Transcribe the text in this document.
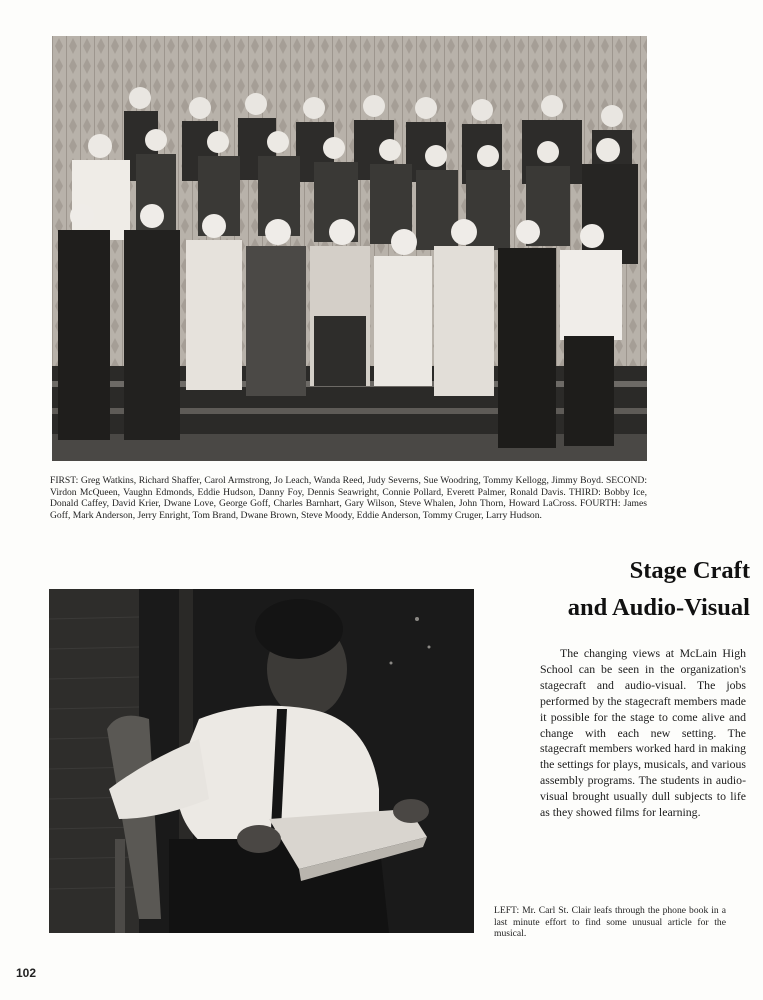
FIRST: Greg Watkins, Richard Shaffer, Carol Armstrong, Jo Leach, Wanda Reed, Judy Severns, Sue Woodring, Tommy Kellogg, Jimmy Boyd. SECOND: Virdon McQueen, Vaughn Edmonds, Eddie Hudson, Danny Foy, Dennis Seawright, Connie Pollard, Everett Palmer, Ronald Davis. THIRD: Bobby Ice, Donald Caffey, David Krier, Dwane Love, George Goff, Charles Barnhart, Gary Wilson, Steve Whalen, John Thorn, Howard LaCross. FOURTH: James Goff, Mark Anderson, Jerry Enright, Tom Brand, Dwane Brown, Steve Moody, Eddie Anderson, Tommy Cruger, Larry Hudson.
Stage Craft
and Audio-Visual

The changing views at McLain High School can be seen in the organization's stagecraft and audio-visual. The jobs performed by the stagecraft members made it possible for the stage to come alive and change with each new setting. The stagecraft members worked hard in making the settings for plays, musicals, and various assembly programs. The students in audio-visual brought usually dull subjects to life as they showed films for learning.

LEFT: Mr. Carl St. Clair leafs through the phone book in a last minute effort to find some unusual article for the musical.
102
